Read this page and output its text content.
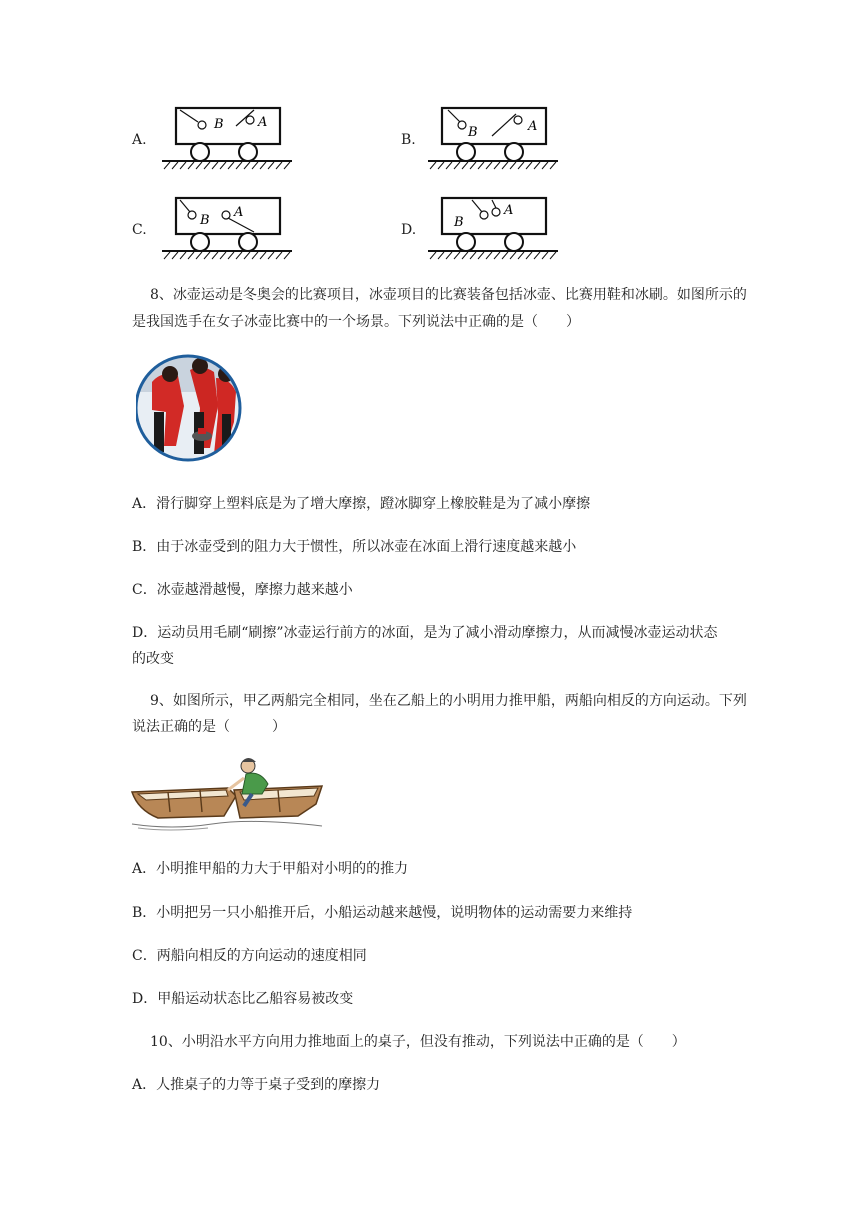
A.
B	A
B.	B	A
C.
B
A
D.	B
A
8、冰壶运动是冬奥会的比赛项目，冰壶项目的比赛装备包括冰壶、比赛用鞋和冰刷。如图所示的
是我国选手在女子冰壶比赛中的一个场景。下列说法中正确的是（　　）
A．滑行脚穿上塑料底是为了增大摩擦，蹬冰脚穿上橡胶鞋是为了减小摩擦
B．由于冰壶受到的阻力大于惯性，所以冰壶在冰面上滑行速度越来越小
C．冰壶越滑越慢，摩擦力越来越小
D．运动员用毛刷“刷擦”冰壶运行前方的冰面，是为了减小滑动摩擦力，从而减慢冰壶运动状态
的改变
9、如图所示，甲乙两船完全相同，坐在乙船上的小明用力推甲船，两船向相反的方向运动。下列
说法正确的是（　　　）
A．小明推甲船的力大于甲船对小明的的推力
B．小明把另一只小船推开后，小船运动越来越慢，说明物体的运动需要力来维持
C．两船向相反的方向运动的速度相同
D．甲船运动状态比乙船容易被改变
10、小明沿水平方向用力推地面上的桌子，但没有推动，下列说法中正确的是（　　）
A．人推桌子的力等于桌子受到的摩擦力
